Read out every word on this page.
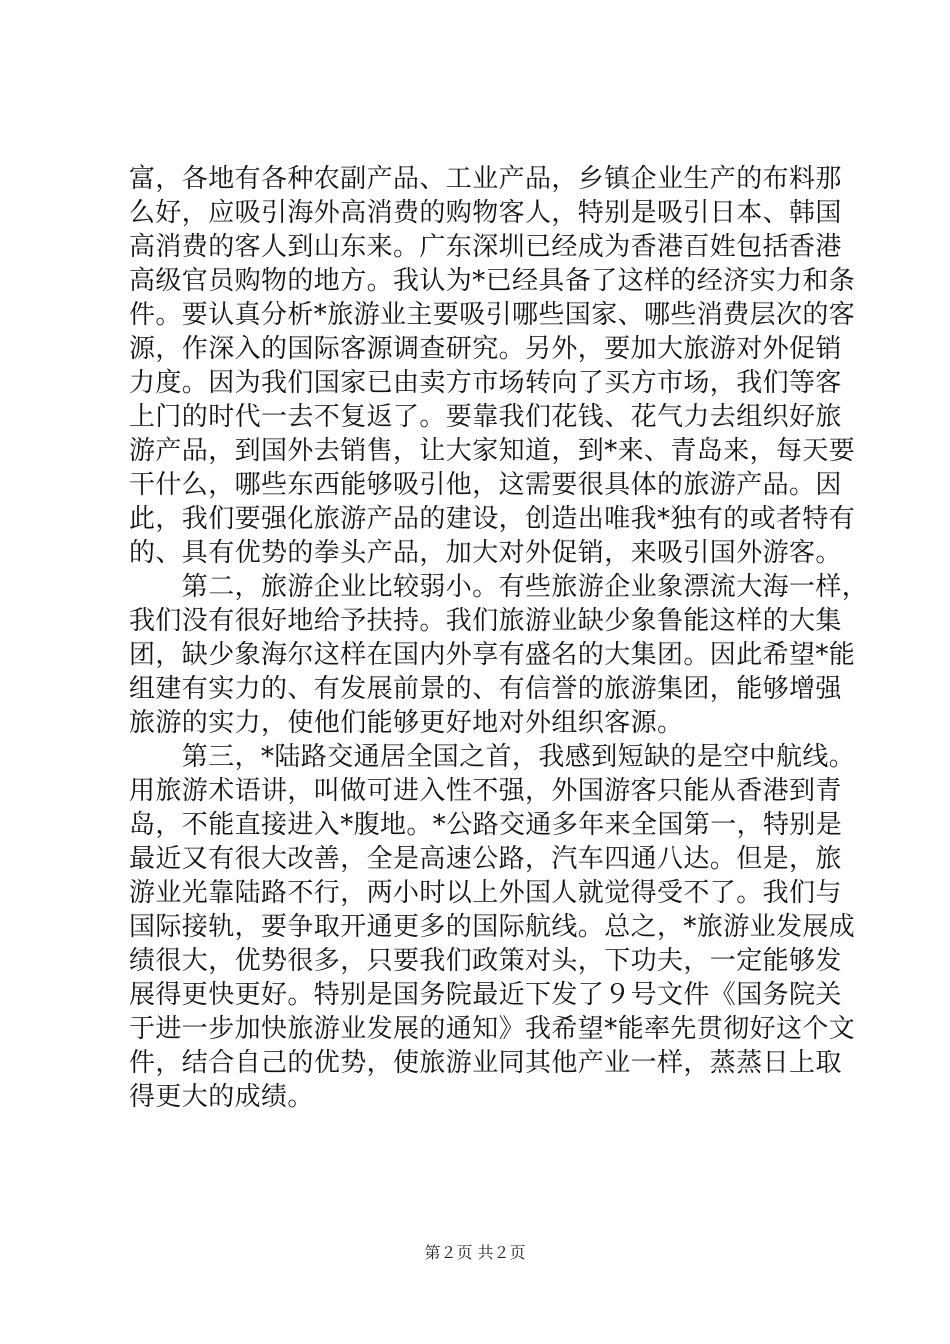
富，各地有各种农副产品、工业产品，乡镇企业生产的布料那
么好，应吸引海外高消费的购物客人，特别是吸引日本、韩国
高消费的客人到山东来。广东深圳已经成为香港百姓包括香港
高级官员购物的地方。我认为*已经具备了这样的经济实力和条
件。要认真分析*旅游业主要吸引哪些国家、哪些消费层次的客
源，作深入的国际客源调查研究。另外，要加大旅游对外促销
力度。因为我们国家已由卖方市场转向了买方市场，我们等客
上门的时代一去不复返了。要靠我们花钱、花气力去组织好旅
游产品，到国外去销售，让大家知道，到*来、青岛来，每天要
干什么，哪些东西能够吸引他，这需要很具体的旅游产品。因
此，我们要强化旅游产品的建设，创造出唯我*独有的或者特有
的、具有优势的拳头产品，加大对外促销，来吸引国外游客。
　　第二，旅游企业比较弱小。有些旅游企业象漂流大海一样，
我们没有很好地给予扶持。我们旅游业缺少象鲁能这样的大集
团，缺少象海尔这样在国内外享有盛名的大集团。因此希望*能
组建有实力的、有发展前景的、有信誉的旅游集团，能够增强
旅游的实力，使他们能够更好地对外组织客源。
　　第三，*陆路交通居全国之首，我感到短缺的是空中航线。
用旅游术语讲，叫做可进入性不强，外国游客只能从香港到青
岛，不能直接进入*腹地。*公路交通多年来全国第一，特别是
最近又有很大改善，全是高速公路，汽车四通八达。但是，旅
游业光靠陆路不行，两小时以上外国人就觉得受不了。我们与
国际接轨，要争取开通更多的国际航线。总之，*旅游业发展成
绩很大，优势很多，只要我们政策对头，下功夫，一定能够发
展得更快更好。特别是国务院最近下发了９号文件《国务院关
于进一步加快旅游业发展的通知》我希望*能率先贯彻好这个文
件，结合自己的优势，使旅游业同其他产业一样，蒸蒸日上取
得更大的成绩。
第２页 共２页
